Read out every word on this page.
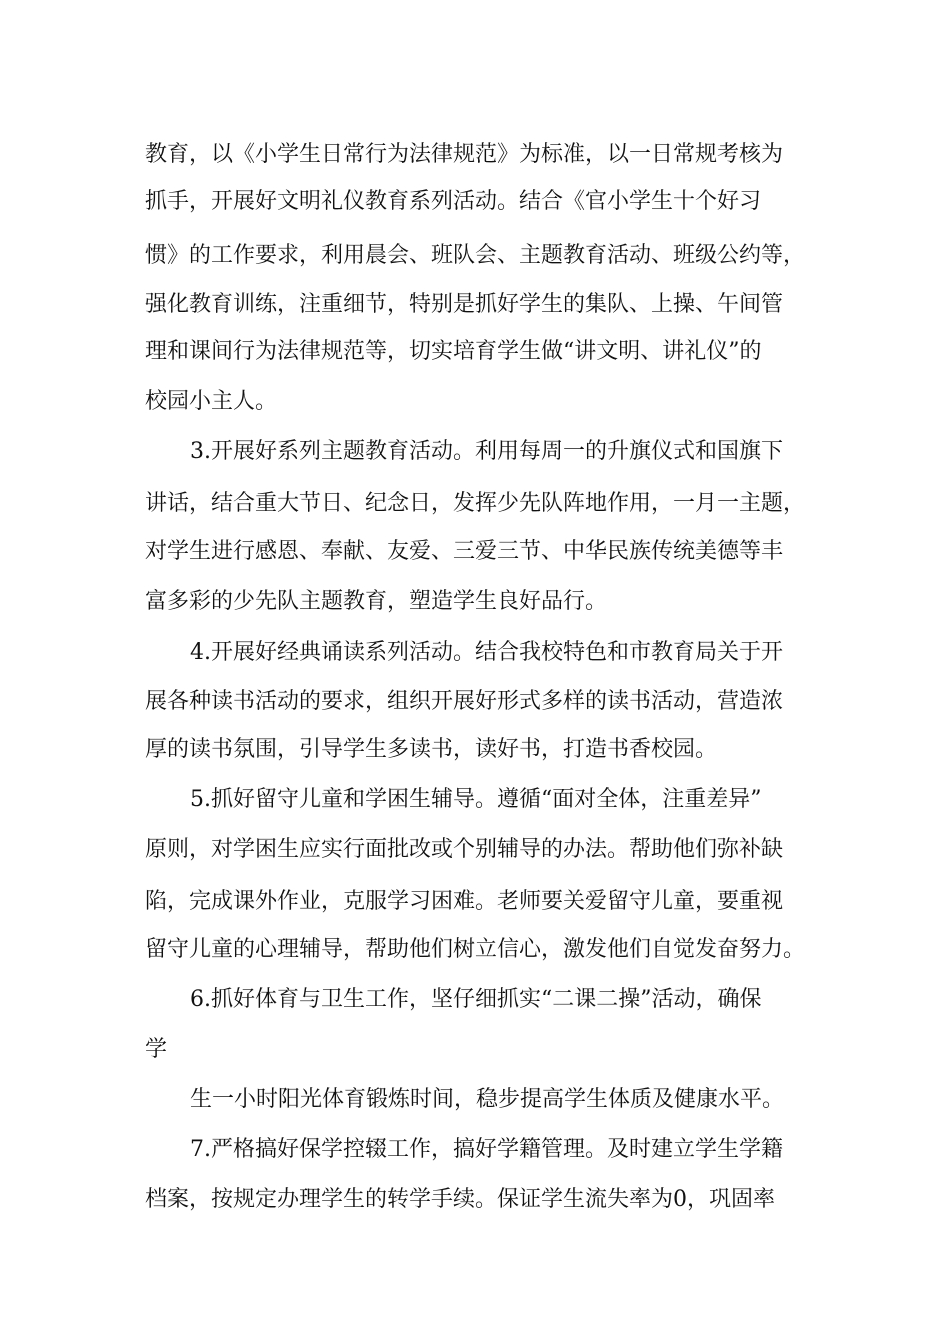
教育，以《小学生日常行为法律规范》为标准，以一日常规考核为

抓手，开展好文明礼仪教育系列活动。结合《官小学生十个好习

惯》的工作要求，利用晨会、班队会、主题教育活动、班级公约等，

强化教育训练，注重细节，特别是抓好学生的集队、上操、午间管

理和课间行为法律规范等，切实培育学生做“讲文明、讲礼仪”的

校园小主人。

3.开展好系列主题教育活动。利用每周一的升旗仪式和国旗下

讲话，结合重大节日、纪念日，发挥少先队阵地作用，一月一主题，

对学生进行感恩、奉献、友爱、三爱三节、中华民族传统美德等丰

富多彩的少先队主题教育，塑造学生良好品行。

4.开展好经典诵读系列活动。结合我校特色和市教育局关于开

展各种读书活动的要求，组织开展好形式多样的读书活动，营造浓

厚的读书氛围，引导学生多读书，读好书，打造书香校园。

5.抓好留守儿童和学困生辅导。遵循“面对全体，注重差异”

原则，对学困生应实行面批改或个别辅导的办法。帮助他们弥补缺

陷，完成课外作业，克服学习困难。老师要关爱留守儿童，要重视

留守儿童的心理辅导，帮助他们树立信心，激发他们自觉发奋努力。

6.抓好体育与卫生工作，坚仔细抓实“二课二操”活动，确保

学

生一小时阳光体育锻炼时间，稳步提高学生体质及健康水平。

7.严格搞好保学控辍工作，搞好学籍管理。及时建立学生学籍

档案，按规定办理学生的转学手续。保证学生流失率为0，巩固率
